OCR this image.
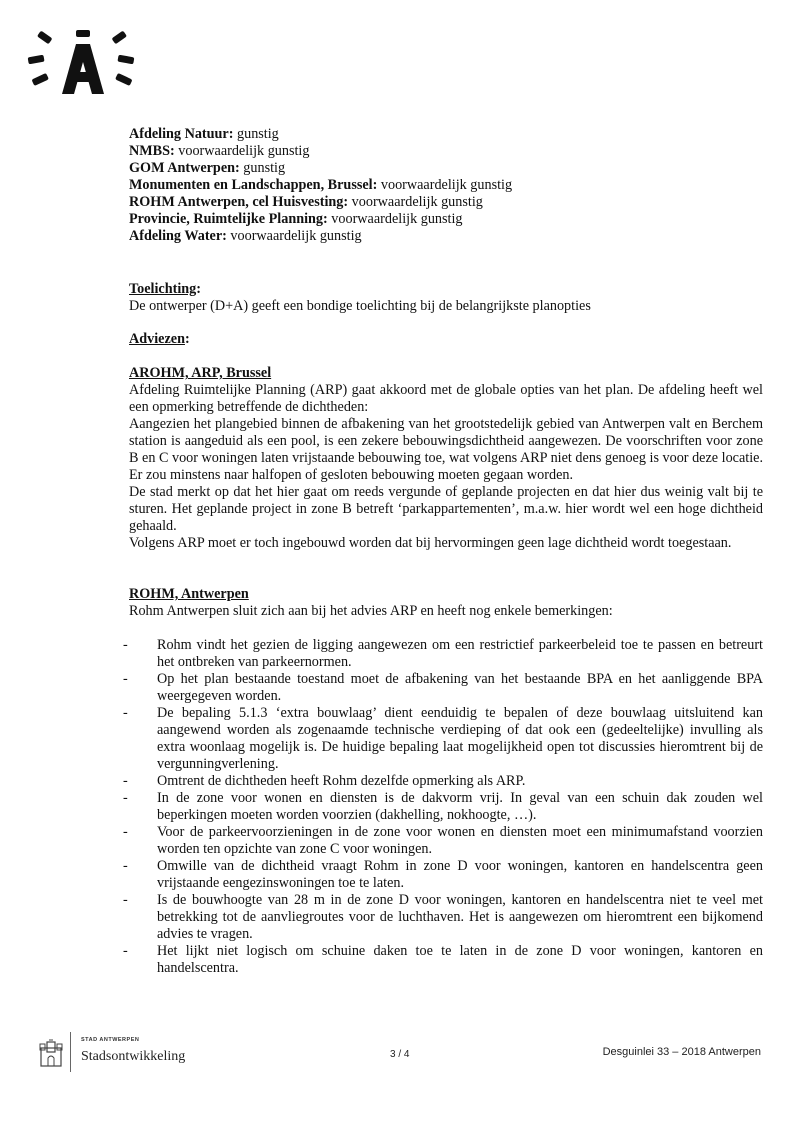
Afdeling Natuur: gunstig
NMBS: voorwaardelijk gunstig
GOM Antwerpen: gunstig
Monumenten en Landschappen, Brussel: voorwaardelijk gunstig
ROHM Antwerpen, cel Huisvesting: voorwaardelijk gunstig
Provincie, Ruimtelijke Planning: voorwaardelijk gunstig
Afdeling Water: voorwaardelijk gunstig
Toelichting:

De ontwerper (D+A) geeft een bondige toelichting bij de belangrijkste planopties

Adviezen:
AROHM, ARP, Brussel

Afdeling Ruimtelijke Planning (ARP) gaat akkoord met de globale opties van het plan. De afdeling heeft wel een opmerking betreffende de dichtheden:

Aangezien het plangebied binnen de afbakening van het grootstedelijk gebied van Antwerpen valt en Berchem station is aangeduid als een pool, is een zekere bebouwingsdichtheid aangewezen. De voorschriften voor zone B en C voor woningen laten vrijstaande bebouwing toe, wat volgens ARP niet dens genoeg is voor deze locatie. Er zou minstens naar halfopen of gesloten bebouwing moeten gegaan worden.

De stad merkt op dat het hier gaat om reeds vergunde of geplande projecten en dat hier dus weinig valt bij te sturen. Het geplande project in zone B betreft ‘parkappartementen’, m.a.w. hier wordt wel een hoge dichtheid gehaald.

Volgens ARP moet er toch ingebouwd worden dat bij hervormingen geen lage dichtheid wordt toegestaan.

ROHM, Antwerpen

Rohm Antwerpen sluit zich aan bij het advies ARP en heeft nog enkele bemerkingen:

- Rohm vindt het gezien de ligging aangewezen om een restrictief parkeerbeleid toe te passen en betreurt het ontbreken van parkeernormen.
- Op het plan bestaande toestand moet de afbakening van het bestaande BPA en het aanliggende BPA weergegeven worden.
- De bepaling 5.1.3 ‘extra bouwlaag’ dient eenduidig te bepalen of deze bouwlaag uitsluitend kan aangewend worden als zogenaamde technische verdieping of dat ook een (gedeeltelijke) invulling als extra woonlaag mogelijk is. De huidige bepaling laat mogelijkheid open tot discussies hieromtrent bij de vergunningverlening.
- Omtrent de dichtheden heeft Rohm dezelfde opmerking als ARP.
- In de zone voor wonen en diensten is de dakvorm vrij. In geval van een schuin dak zouden wel beperkingen moeten worden voorzien (dakhelling, nokhoogte, …).
- Voor de parkeervoorzieningen in de zone voor wonen en diensten moet een minimumafstand voorzien worden ten opzichte van zone C voor woningen.
- Omwille van de dichtheid vraagt Rohm in zone D voor woningen, kantoren en handelscentra geen vrijstaande eengezinswoningen toe te laten.
- Is de bouwhoogte van 28 m in de zone D voor woningen, kantoren en handelscentra niet te veel met betrekking tot de aanvliegroutes voor de luchthaven. Het is aangewezen om hieromtrent een bijkomend advies te vragen.
- Het lijkt niet logisch om schuine daken toe te laten in de zone D voor woningen, kantoren en handelscentra.
STAD ANTWERPEN
Stadsontwikkeling	3 / 4	Desguinlei 33 – 2018 Antwerpen
